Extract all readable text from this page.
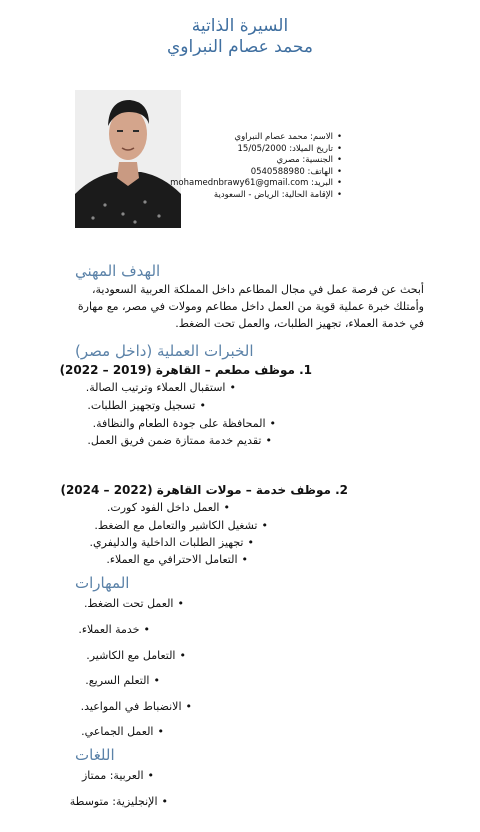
السيرة الذاتية
محمد عصام النبراوي
•الاسم: محمد عصام النبراوي
•تاريخ الميلاد: 15/05/2000
•الجنسية: مصري
•الهاتف: 0540588980
•البريد: mohamednbrawy61@gmail.com
•الإقامة الحالية: الرياض - السعودية
الهدف المهني
أبحث عن فرصة عمل في مجال المطاعم داخل المملكة العربية السعودية، وأمتلك خبرة عملية قوية من العمل داخل مطاعم ومولات في مصر، مع مهارة في خدمة العملاء، تجهيز الطلبات، والعمل تحت الضغط.
الخبرات العملية (داخل مصر)
1. موظف مطعم – القاهرة (2019 – 2022)
•استقبال العملاء وترتيب الصالة.
•تسجيل وتجهيز الطلبات.
•المحافظة على جودة الطعام والنظافة.
•تقديم خدمة ممتازة ضمن فريق العمل.
2. موظف خدمة – مولات القاهرة (2022 – 2024)
•العمل داخل الفود كورت.
•تشغيل الكاشير والتعامل مع الضغط.
•تجهيز الطلبات الداخلية والدليفري.
•التعامل الاحترافي مع العملاء.
المهارات
•العمل تحت الضغط.
•خدمة العملاء.
•التعامل مع الكاشير.
•التعلم السريع.
•الانضباط في المواعيد.
•العمل الجماعي.
اللغات
•العربية: ممتاز
•الإنجليزية: متوسطة
